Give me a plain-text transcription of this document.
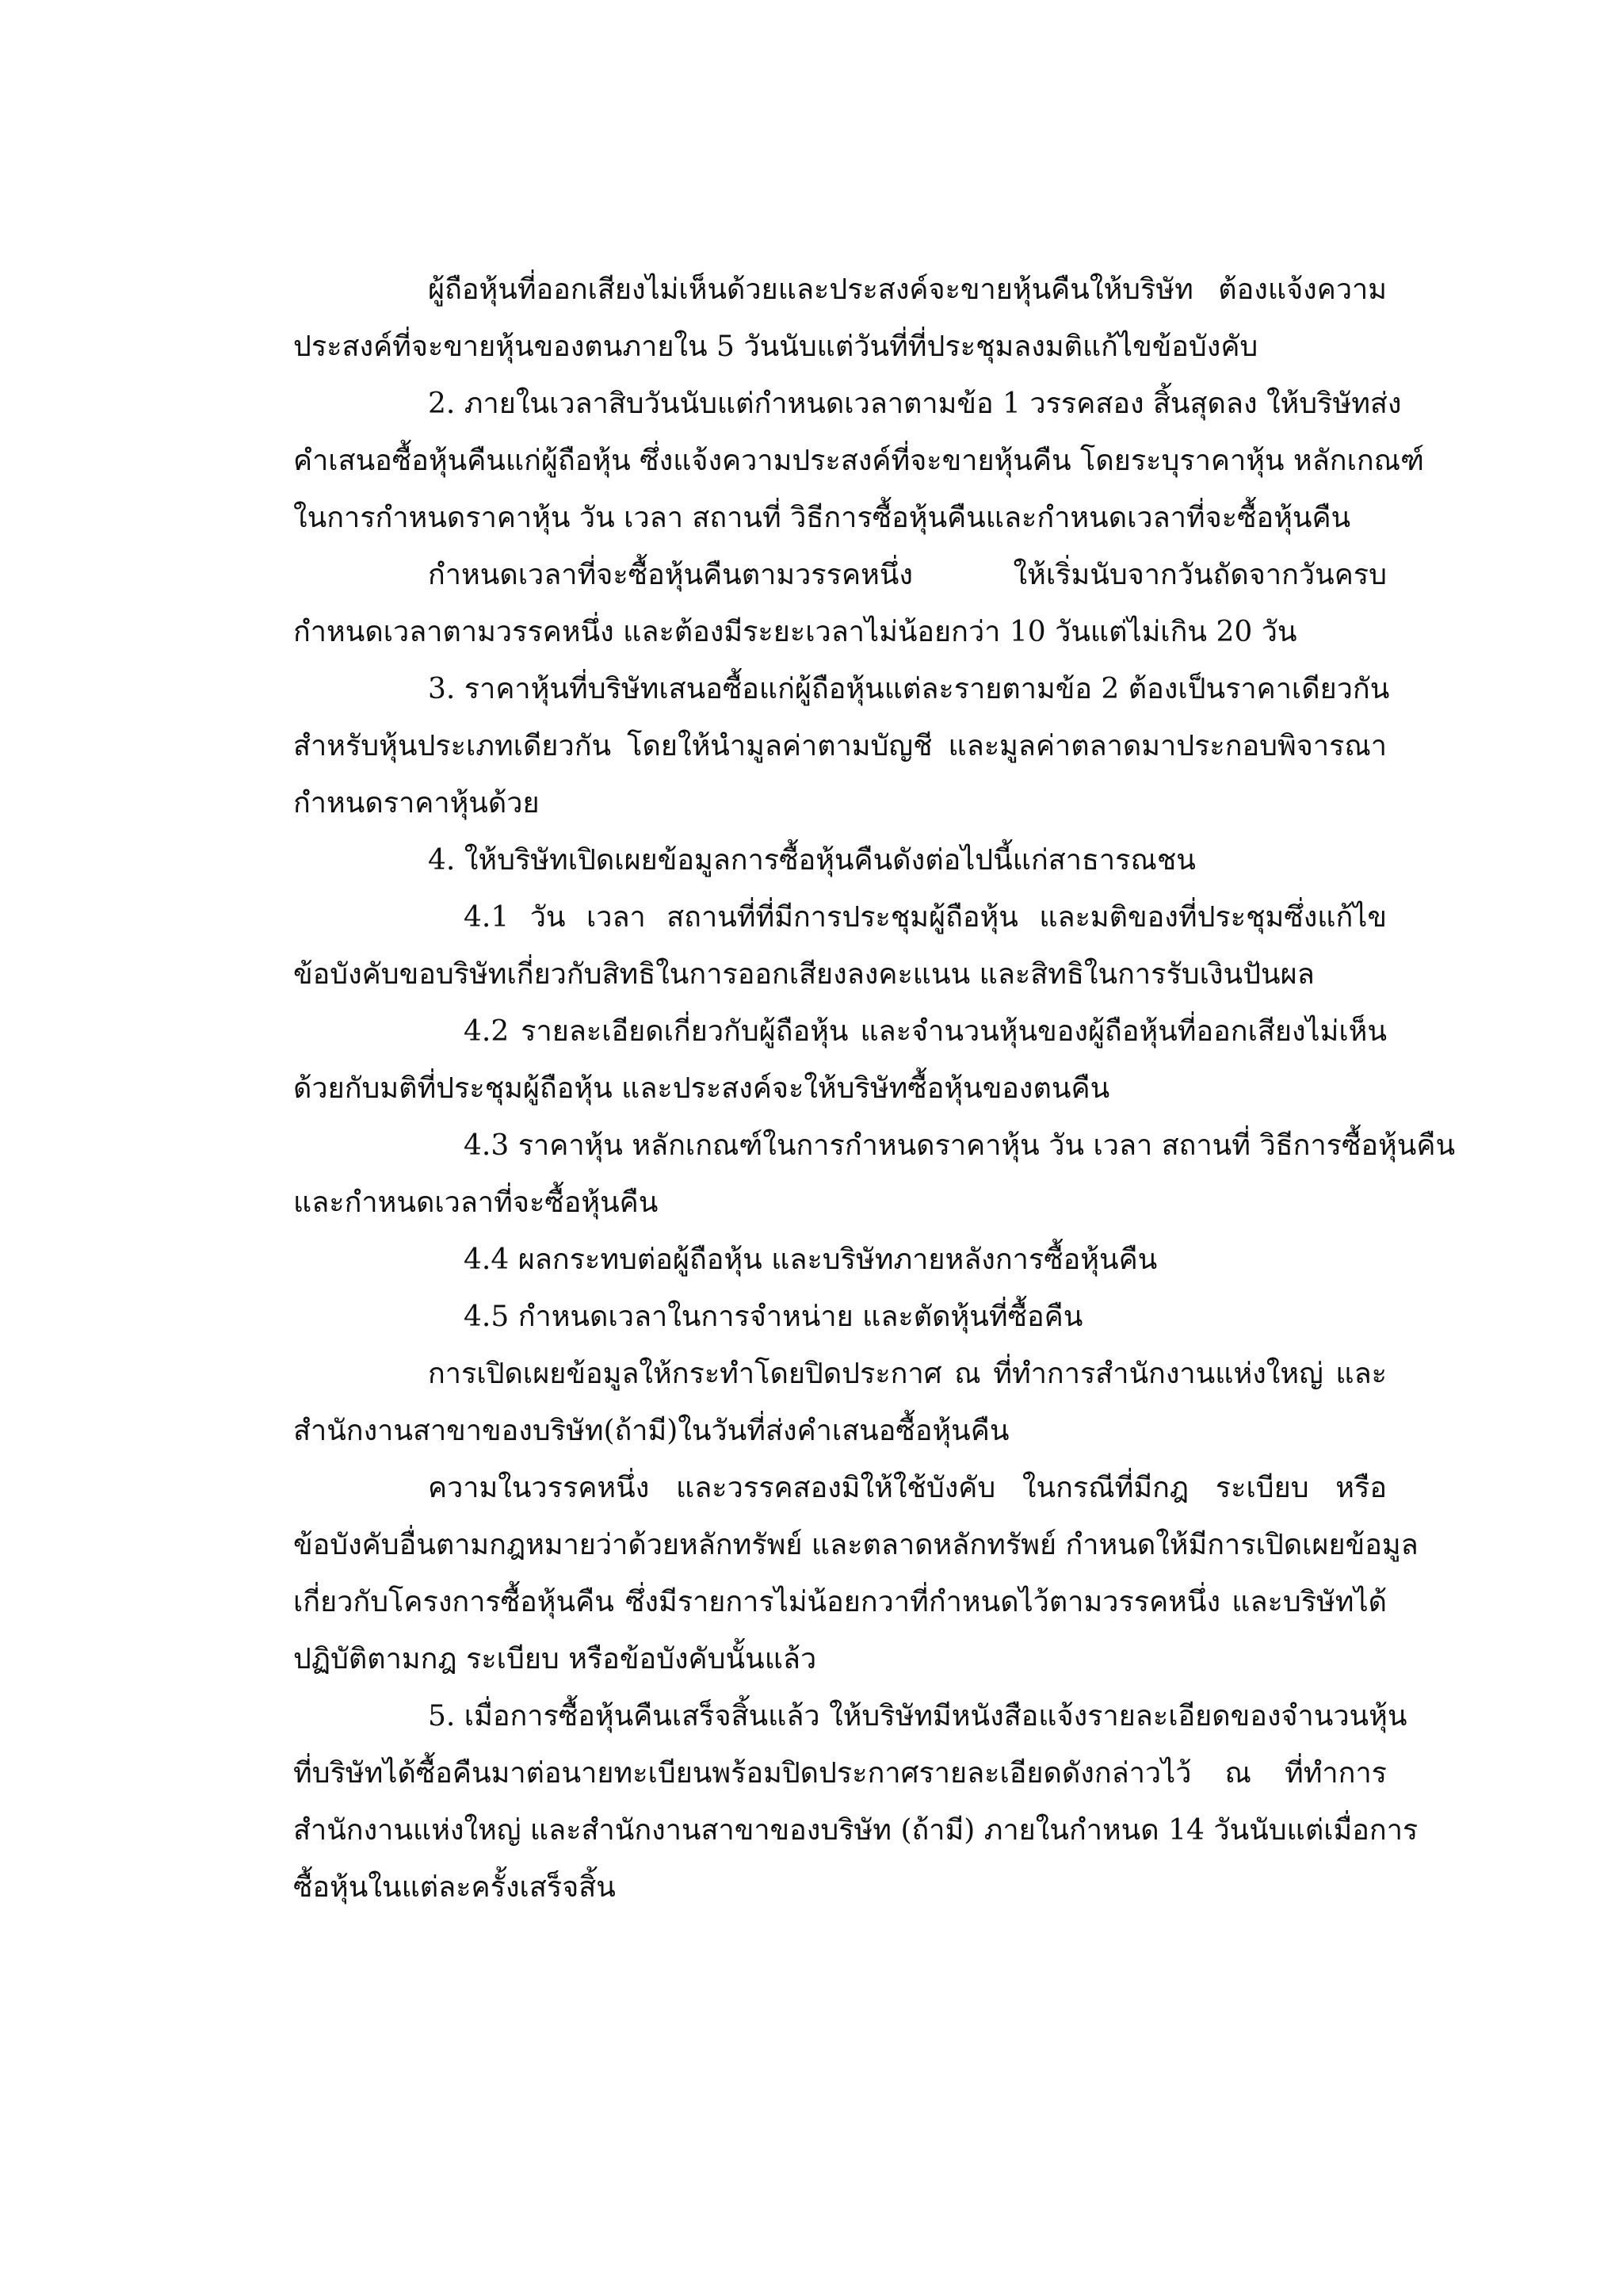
ผู้ถือหุ้นที่ออกเสียงไม่เห็นด้วยและประสงค์จะขายหุ้นคืนให้บริษัท ต้องแจ้งความ
ประสงค์ที่จะขายหุ้นของตนภายใน 5 วันนับแต่วันที่ที่ประชุมลงมติแก้ไขข้อบังคับ
2. ภายในเวลาสิบวันนับแต่กำหนดเวลาตามข้อ 1 วรรคสอง สิ้นสุดลง ให้บริษัทส่ง
คำเสนอซื้อหุ้นคืนแก่ผู้ถือหุ้น ซึ่งแจ้งความประสงค์ที่จะขายหุ้นคืน โดยระบุราคาหุ้น หลักเกณฑ์
ในการกำหนดราคาหุ้น วัน เวลา สถานที่ วิธีการซื้อหุ้นคืนและกำหนดเวลาที่จะซื้อหุ้นคืน
กำหนดเวลาที่จะซื้อหุ้นคืนตามวรรคหนึ่ง ให้เริ่มนับจากวันถัดจากวันครบ
กำหนดเวลาตามวรรคหนึ่ง และต้องมีระยะเวลาไม่น้อยกว่า 10 วันแต่ไม่เกิน 20 วัน
3. ราคาหุ้นที่บริษัทเสนอซื้อแก่ผู้ถือหุ้นแต่ละรายตามข้อ 2 ต้องเป็นราคาเดียวกัน
สำหรับหุ้นประเภทเดียวกัน โดยให้นำมูลค่าตามบัญชี และมูลค่าตลาดมาประกอบพิจารณา
กำหนดราคาหุ้นด้วย
4. ให้บริษัทเปิดเผยข้อมูลการซื้อหุ้นคืนดังต่อไปนี้แก่สาธารณชน
4.1 วัน เวลา สถานที่ที่มีการประชุมผู้ถือหุ้น และมติของที่ประชุมซึ่งแก้ไข
ข้อบังคับขอบริษัทเกี่ยวกับสิทธิในการออกเสียงลงคะแนน และสิทธิในการรับเงินปันผล
4.2 รายละเอียดเกี่ยวกับผู้ถือหุ้น และจำนวนหุ้นของผู้ถือหุ้นที่ออกเสียงไม่เห็น
ด้วยกับมติที่ประชุมผู้ถือหุ้น และประสงค์จะให้บริษัทซื้อหุ้นของตนคืน
4.3 ราคาหุ้น หลักเกณฑ์ในการกำหนดราคาหุ้น วัน เวลา สถานที่ วิธีการซื้อหุ้นคืน
และกำหนดเวลาที่จะซื้อหุ้นคืน
4.4 ผลกระทบต่อผู้ถือหุ้น และบริษัทภายหลังการซื้อหุ้นคืน
4.5 กำหนดเวลาในการจำหน่าย และตัดหุ้นที่ซื้อคืน
การเปิดเผยข้อมูลให้กระทำโดยปิดประกาศ ณ ที่ทำการสำนักงานแห่งใหญ่ และ
สำนักงานสาขาของบริษัท(ถ้ามี)ในวันที่ส่งคำเสนอซื้อหุ้นคืน
ความในวรรคหนึ่ง และวรรคสองมิให้ใช้บังคับ ในกรณีที่มีกฎ ระเบียบ หรือ
ข้อบังคับอื่นตามกฎหมายว่าด้วยหลักทรัพย์ และตลาดหลักทรัพย์ กำหนดให้มีการเปิดเผยข้อมูล
เกี่ยวกับโครงการซื้อหุ้นคืน ซึ่งมีรายการไม่น้อยกวาที่กำหนดไว้ตามวรรคหนึ่ง และบริษัทได้
ปฏิบัติตามกฎ ระเบียบ หรือข้อบังคับนั้นแล้ว
5. เมื่อการซื้อหุ้นคืนเสร็จสิ้นแล้ว ให้บริษัทมีหนังสือแจ้งรายละเอียดของจำนวนหุ้น
ที่บริษัทได้ซื้อคืนมาต่อนายทะเบียนพร้อมปิดประกาศรายละเอียดดังกล่าวไว้ ณ ที่ทำการ
สำนักงานแห่งใหญ่ และสำนักงานสาขาของบริษัท (ถ้ามี) ภายในกำหนด 14 วันนับแต่เมื่อการ
ซื้อหุ้นในแต่ละครั้งเสร็จสิ้น
